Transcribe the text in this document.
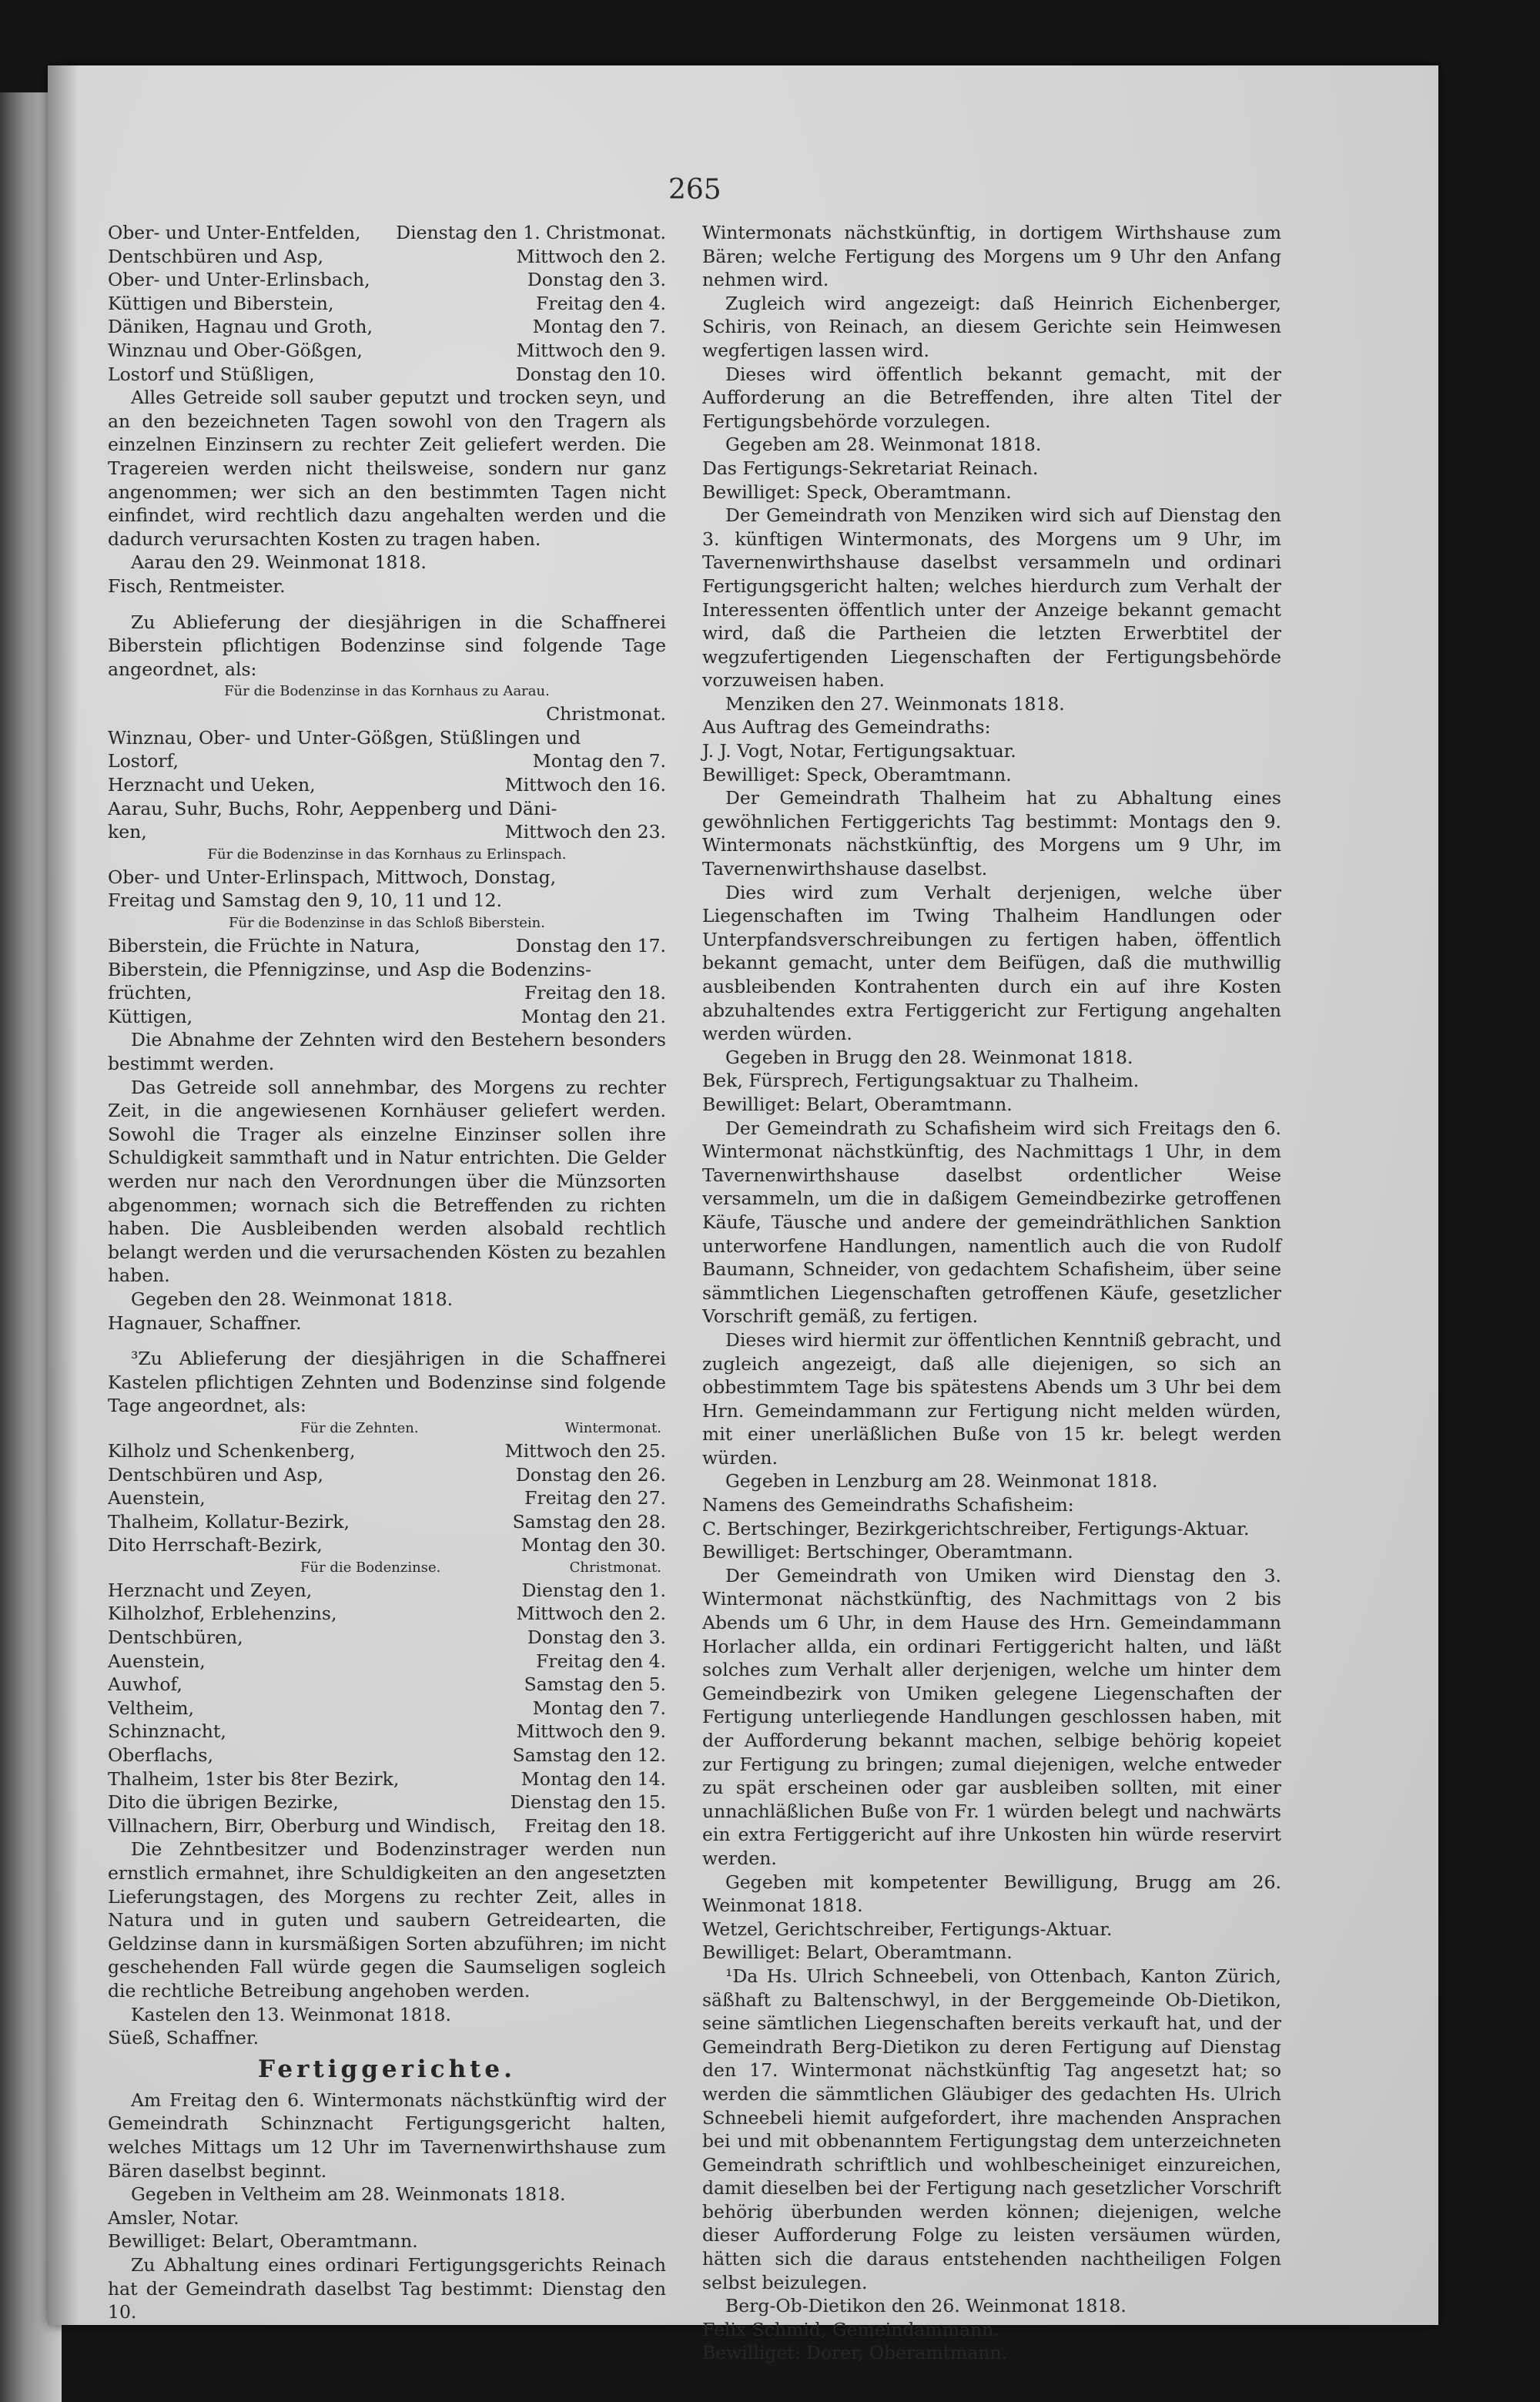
265
Ober- und Unter-Entfelden, Dienstag den 1. Christmonat.
Dentschbüren und Asp,	Mittwoch den 2.
Ober- und Unter-Erlinsbach,	Donstag den 3.
Küttigen und Biberstein,	Freitag den 4.
Däniken, Hagnau und Groth,	Montag den 7.
Winznau und Ober-Gößgen,	Mittwoch den 9.
Lostorf und Stüßligen,	Donstag den 10.

Alles Getreide soll sauber geputzt und trocken seyn, und an den bezeichneten Tagen sowohl von den Tragern als einzelnen Einzinsern zu rechter Zeit geliefert werden. Die Tragereien werden nicht theilsweise, sondern nur ganz angenommen; wer sich an den bestimmten Tagen nicht einfindet, wird rechtlich dazu angehalten werden und die dadurch verursachten Kosten zu tragen haben.

Aarau den 29. Weinmonat 1818.

Fisch, Rentmeister.

Zu Ablieferung der diesjährigen in die Schaffnerei Biberstein pflichtigen Bodenzinse sind folgende Tage angeordnet, als:

Für die Bodenzinse in das Kornhaus zu Aarau.
Christmonat.
Winznau, Ober- und Unter-Gößgen, Stüßlingen und
Lostorf,	Montag den 7.
Herznacht und Ueken,	Mittwoch den 16.
Aarau, Suhr, Buchs, Rohr, Aeppenberg und Däni-
ken,	Mittwoch den 23.
Für die Bodenzinse in das Kornhaus zu Erlinspach.
Ober- und Unter-Erlinspach, Mittwoch, Donstag,
Freitag und Samstag den 9, 10, 11 und 12.
Für die Bodenzinse in das Schloß Biberstein.
Biberstein, die Früchte in Natura,	Donstag den 17.
Biberstein, die Pfennigzinse, und Asp die Bodenzins-
früchten,	Freitag den 18.
Küttigen,	Montag den 21.

Die Abnahme der Zehnten wird den Bestehern besonders bestimmt werden.

Das Getreide soll annehmbar, des Morgens zu rechter Zeit, in die angewiesenen Kornhäuser geliefert werden. Sowohl die Trager als einzelne Einzinser sollen ihre Schuldigkeit sammthaft und in Natur entrichten. Die Gelder werden nur nach den Verordnungen über die Münzsorten abgenommen; wornach sich die Betreffenden zu richten haben. Die Ausbleibenden werden alsobald rechtlich belangt werden und die verursachenden Kösten zu bezahlen haben.

Gegeben den 28. Weinmonat 1818.

Hagnauer, Schaffner.

³Zu Ablieferung der diesjährigen in die Schaffnerei Kastelen pflichtigen Zehnten und Bodenzinse sind folgende Tage angeordnet, als:

Für die Zehnten.	Wintermonat.
Kilholz und Schenkenberg,	Mittwoch den 25.
Dentschbüren und Asp,	Donstag den 26.
Auenstein,	Freitag den 27.
Thalheim, Kollatur-Bezirk,	Samstag den 28.
Dito Herrschaft-Bezirk,	Montag den 30.
Für die Bodenzinse.	Christmonat.
Herznacht und Zeyen,	Dienstag den 1.
Kilholzhof, Erblehenzins,	Mittwoch den 2.
Dentschbüren,	Donstag den 3.
Auenstein,	Freitag den 4.
Auwhof,	Samstag den 5.
Veltheim,	Montag den 7.
Schinznacht,	Mittwoch den 9.
Oberflachs,	Samstag den 12.
Thalheim, 1ster bis 8ter Bezirk,	Montag den 14.
Dito die übrigen Bezirke,	Dienstag den 15.
Villnachern, Birr, Oberburg und Windisch, Freitag den 18.

Die Zehntbesitzer und Bodenzinstrager werden nun ernstlich ermahnet, ihre Schuldigkeiten an den angesetzten Lieferungstagen, des Morgens zu rechter Zeit, alles in Natura und in guten und saubern Getreidearten, die Geldzinse dann in kursmäßigen Sorten abzuführen; im nicht geschehenden Fall würde gegen die Saumseligen sogleich die rechtliche Betreibung angehoben werden.

Kastelen den 13. Weinmonat 1818.

Süeß, Schaffner.

Fertiggerichte.

Am Freitag den 6. Wintermonats nächstkünftig wird der Gemeindrath Schinznacht Fertigungsgericht halten, welches Mittags um 12 Uhr im Tavernenwirthshause zum Bären daselbst beginnt.

Gegeben in Veltheim am 28. Weinmonats 1818.

Amsler, Notar.

Bewilliget: Belart, Oberamtmann.

Zu Abhaltung eines ordinari Fertigungsgerichts Reinach hat der Gemeindrath daselbst Tag bestimmt: Dienstag den 10.

Wintermonats nächstkünftig, in dortigem Wirthshause zum Bären; welche Fertigung des Morgens um 9 Uhr den Anfang nehmen wird.

Zugleich wird angezeigt: daß Heinrich Eichenberger, Schiris, von Reinach, an diesem Gerichte sein Heimwesen wegfertigen lassen wird.

Dieses wird öffentlich bekannt gemacht, mit der Aufforderung an die Betreffenden, ihre alten Titel der Fertigungsbehörde vorzulegen.

Gegeben am 28. Weinmonat 1818.

Das Fertigungs-Sekretariat Reinach.

Bewilliget: Speck, Oberamtmann.

Der Gemeindrath von Menziken wird sich auf Dienstag den 3. künftigen Wintermonats, des Morgens um 9 Uhr, im Tavernenwirthshause daselbst versammeln und ordinari Fertigungsgericht halten; welches hierdurch zum Verhalt der Interessenten öffentlich unter der Anzeige bekannt gemacht wird, daß die Partheien die letzten Erwerbtitel der wegzufertigenden Liegenschaften der Fertigungsbehörde vorzuweisen haben.

Menziken den 27. Weinmonats 1818.

Aus Auftrag des Gemeindraths:

J. J. Vogt, Notar, Fertigungsaktuar.

Bewilliget: Speck, Oberamtmann.

Der Gemeindrath Thalheim hat zu Abhaltung eines gewöhnlichen Fertiggerichts Tag bestimmt: Montags den 9. Wintermonats nächstkünftig, des Morgens um 9 Uhr, im Tavernenwirthshause daselbst.

Dies wird zum Verhalt derjenigen, welche über Liegenschaften im Twing Thalheim Handlungen oder Unterpfandsverschreibungen zu fertigen haben, öffentlich bekannt gemacht, unter dem Beifügen, daß die muthwillig ausbleibenden Kontrahenten durch ein auf ihre Kosten abzuhaltendes extra Fertiggericht zur Fertigung angehalten werden würden.

Gegeben in Brugg den 28. Weinmonat 1818.

Bek, Fürsprech, Fertigungsaktuar zu Thalheim.

Bewilliget: Belart, Oberamtmann.

Der Gemeindrath zu Schafisheim wird sich Freitags den 6. Wintermonat nächstkünftig, des Nachmittags 1 Uhr, in dem Tavernenwirthshause daselbst ordentlicher Weise versammeln, um die in daßigem Gemeindbezirke getroffenen Käufe, Täusche und andere der gemeindräthlichen Sanktion unterworfene Handlungen, namentlich auch die von Rudolf Baumann, Schneider, von gedachtem Schafisheim, über seine sämmtlichen Liegenschaften getroffenen Käufe, gesetzlicher Vorschrift gemäß, zu fertigen.

Dieses wird hiermit zur öffentlichen Kenntniß gebracht, und zugleich angezeigt, daß alle diejenigen, so sich an obbestimmtem Tage bis spätestens Abends um 3 Uhr bei dem Hrn. Gemeindammann zur Fertigung nicht melden würden, mit einer unerläßlichen Buße von 15 kr. belegt werden würden.

Gegeben in Lenzburg am 28. Weinmonat 1818.

Namens des Gemeindraths Schafisheim:

C. Bertschinger, Bezirkgerichtschreiber, Fertigungs-Aktuar.

Bewilliget: Bertschinger, Oberamtmann.

Der Gemeindrath von Umiken wird Dienstag den 3. Wintermonat nächstkünftig, des Nachmittags von 2 bis Abends um 6 Uhr, in dem Hause des Hrn. Gemeindammann Horlacher allda, ein ordinari Fertiggericht halten, und läßt solches zum Verhalt aller derjenigen, welche um hinter dem Gemeindbezirk von Umiken gelegene Liegenschaften der Fertigung unterliegende Handlungen geschlossen haben, mit der Aufforderung bekannt machen, selbige behörig kopeiet zur Fertigung zu bringen; zumal diejenigen, welche entweder zu spät erscheinen oder gar ausbleiben sollten, mit einer unnachläßlichen Buße von Fr. 1 würden belegt und nachwärts ein extra Fertiggericht auf ihre Unkosten hin würde reservirt werden.

Gegeben mit kompetenter Bewilligung, Brugg am 26. Weinmonat 1818.

Wetzel, Gerichtschreiber, Fertigungs-Aktuar.

Bewilliget: Belart, Oberamtmann.

¹Da Hs. Ulrich Schneebeli, von Ottenbach, Kanton Zürich, säßhaft zu Baltenschwyl, in der Berggemeinde Ob-Dietikon, seine sämtlichen Liegenschaften bereits verkauft hat, und der Gemeindrath Berg-Dietikon zu deren Fertigung auf Dienstag den 17. Wintermonat nächstkünftig Tag angesetzt hat; so werden die sämmtlichen Gläubiger des gedachten Hs. Ulrich Schneebeli hiemit aufgefordert, ihre machenden Ansprachen bei und mit obbenanntem Fertigungstag dem unterzeichneten Gemeindrath schriftlich und wohlbescheiniget einzureichen, damit dieselben bei der Fertigung nach gesetzlicher Vorschrift behörig überbunden werden können; diejenigen, welche dieser Aufforderung Folge zu leisten versäumen würden, hätten sich die daraus entstehenden nachtheiligen Folgen selbst beizulegen.

Berg-Ob-Dietikon den 26. Weinmonat 1818.

Felix Schmid, Gemeindammann.

Bewilliget: Dorer, Oberamtmann.
